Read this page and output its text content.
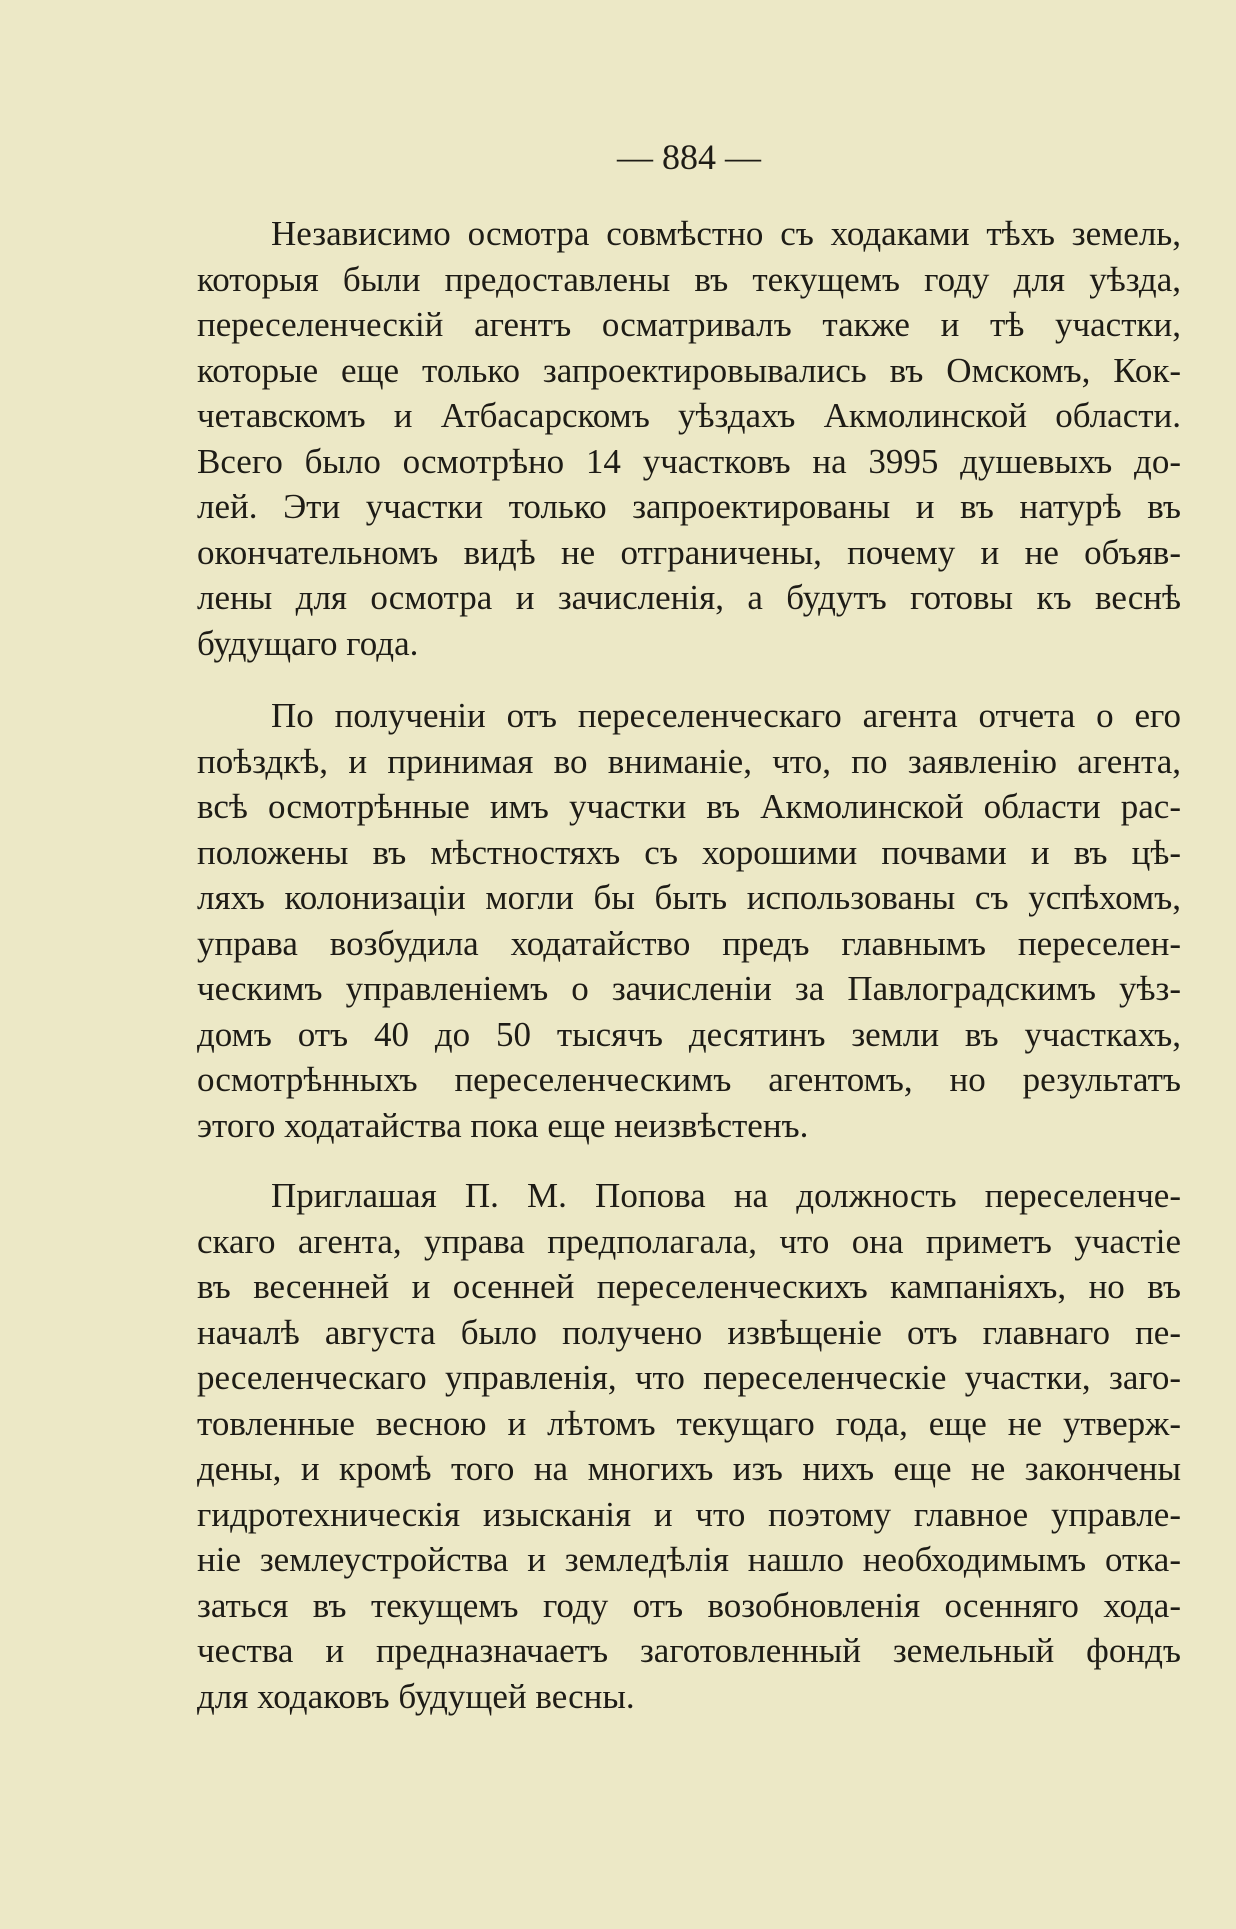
— 884 —
Независимо осмотра совмѣстно съ ходаками тѣхъ земель,
которыя были предоставлены въ текущемъ году для уѣзда,
переселенческій агентъ осматривалъ также и тѣ участки,
которые еще только запроектировывались въ Омскомъ, Кок-
четавскомъ и Атбасарскомъ уѣздахъ Акмолинской области.
Всего было осмотрѣно 14 участковъ на 3995 душевыхъ до-
лей. Эти участки только запроектированы и въ натурѣ въ
окончательномъ видѣ не отграничены, почему и не объяв-
лены для осмотра и зачисленія, а будутъ готовы къ веснѣ
будущаго года.
По полученіи отъ переселенческаго агента отчета о его
поѣздкѣ, и принимая во вниманіе, что, по заявленію агента,
всѣ осмотрѣнные имъ участки въ Акмолинской области рас-
положены въ мѣстностяхъ съ хорошими почвами и въ цѣ-
ляхъ колонизаціи могли бы быть использованы съ успѣхомъ,
управа возбудила ходатайство предъ главнымъ переселен-
ческимъ управленіемъ о зачисленіи за Павлоградскимъ уѣз-
домъ отъ 40 до 50 тысячъ десятинъ земли въ участкахъ,
осмотрѣнныхъ переселенческимъ агентомъ, но результатъ
этого ходатайства пока еще неизвѣстенъ.
Приглашая П. М. Попова на должность переселенче-
скаго агента, управа предполагала, что она приметъ участіе
въ весенней и осенней переселенческихъ кампаніяхъ, но въ
началѣ августа было получено извѣщеніе отъ главнаго пе-
реселенческаго управленія, что переселенческіе участки, заго-
товленные весною и лѣтомъ текущаго года, еще не утверж-
дены, и кромѣ того на многихъ изъ нихъ еще не закончены
гидротехническія изысканія и что поэтому главное управле-
ніе землеустройства и земледѣлія нашло необходимымъ отка-
заться въ текущемъ году отъ возобновленія осенняго хода-
чества и предназначаетъ заготовленный земельный фондъ
для ходаковъ будущей весны.
